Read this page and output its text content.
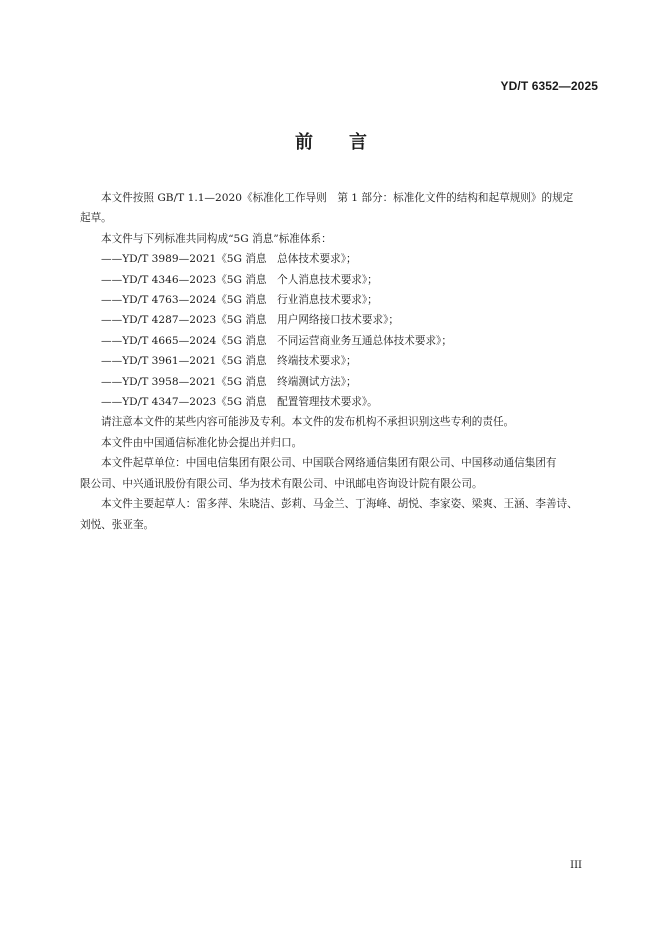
YD/T 6352—2025
前 言

本文件按照 GB/T 1.1—2020《标准化工作导则　第 1 部分：标准化文件的结构和起草规则》的规定

起草。

本文件与下列标准共同构成“5G 消息”标准体系：

——YD/T 3989—2021《5G 消息　总体技术要求》；

——YD/T 4346—2023《5G 消息　个人消息技术要求》；

——YD/T 4763—2024《5G 消息　行业消息技术要求》；

——YD/T 4287—2023《5G 消息　用户网络接口技术要求》；

——YD/T 4665—2024《5G 消息　不同运营商业务互通总体技术要求》；

——YD/T 3961—2021《5G 消息　终端技术要求》；

——YD/T 3958—2021《5G 消息　终端测试方法》；

——YD/T 4347—2023《5G 消息　配置管理技术要求》。

请注意本文件的某些内容可能涉及专利。本文件的发布机构不承担识别这些专利的责任。

本文件由中国通信标准化协会提出并归口。

本文件起草单位：中国电信集团有限公司、中国联合网络通信集团有限公司、中国移动通信集团有

限公司、中兴通讯股份有限公司、华为技术有限公司、中讯邮电咨询设计院有限公司。

本文件主要起草人：雷多萍、朱晓洁、彭莉、马金兰、丁海峰、胡悦、李家姿、梁爽、王涵、李善诗、

刘悦、张亚奎。

III
